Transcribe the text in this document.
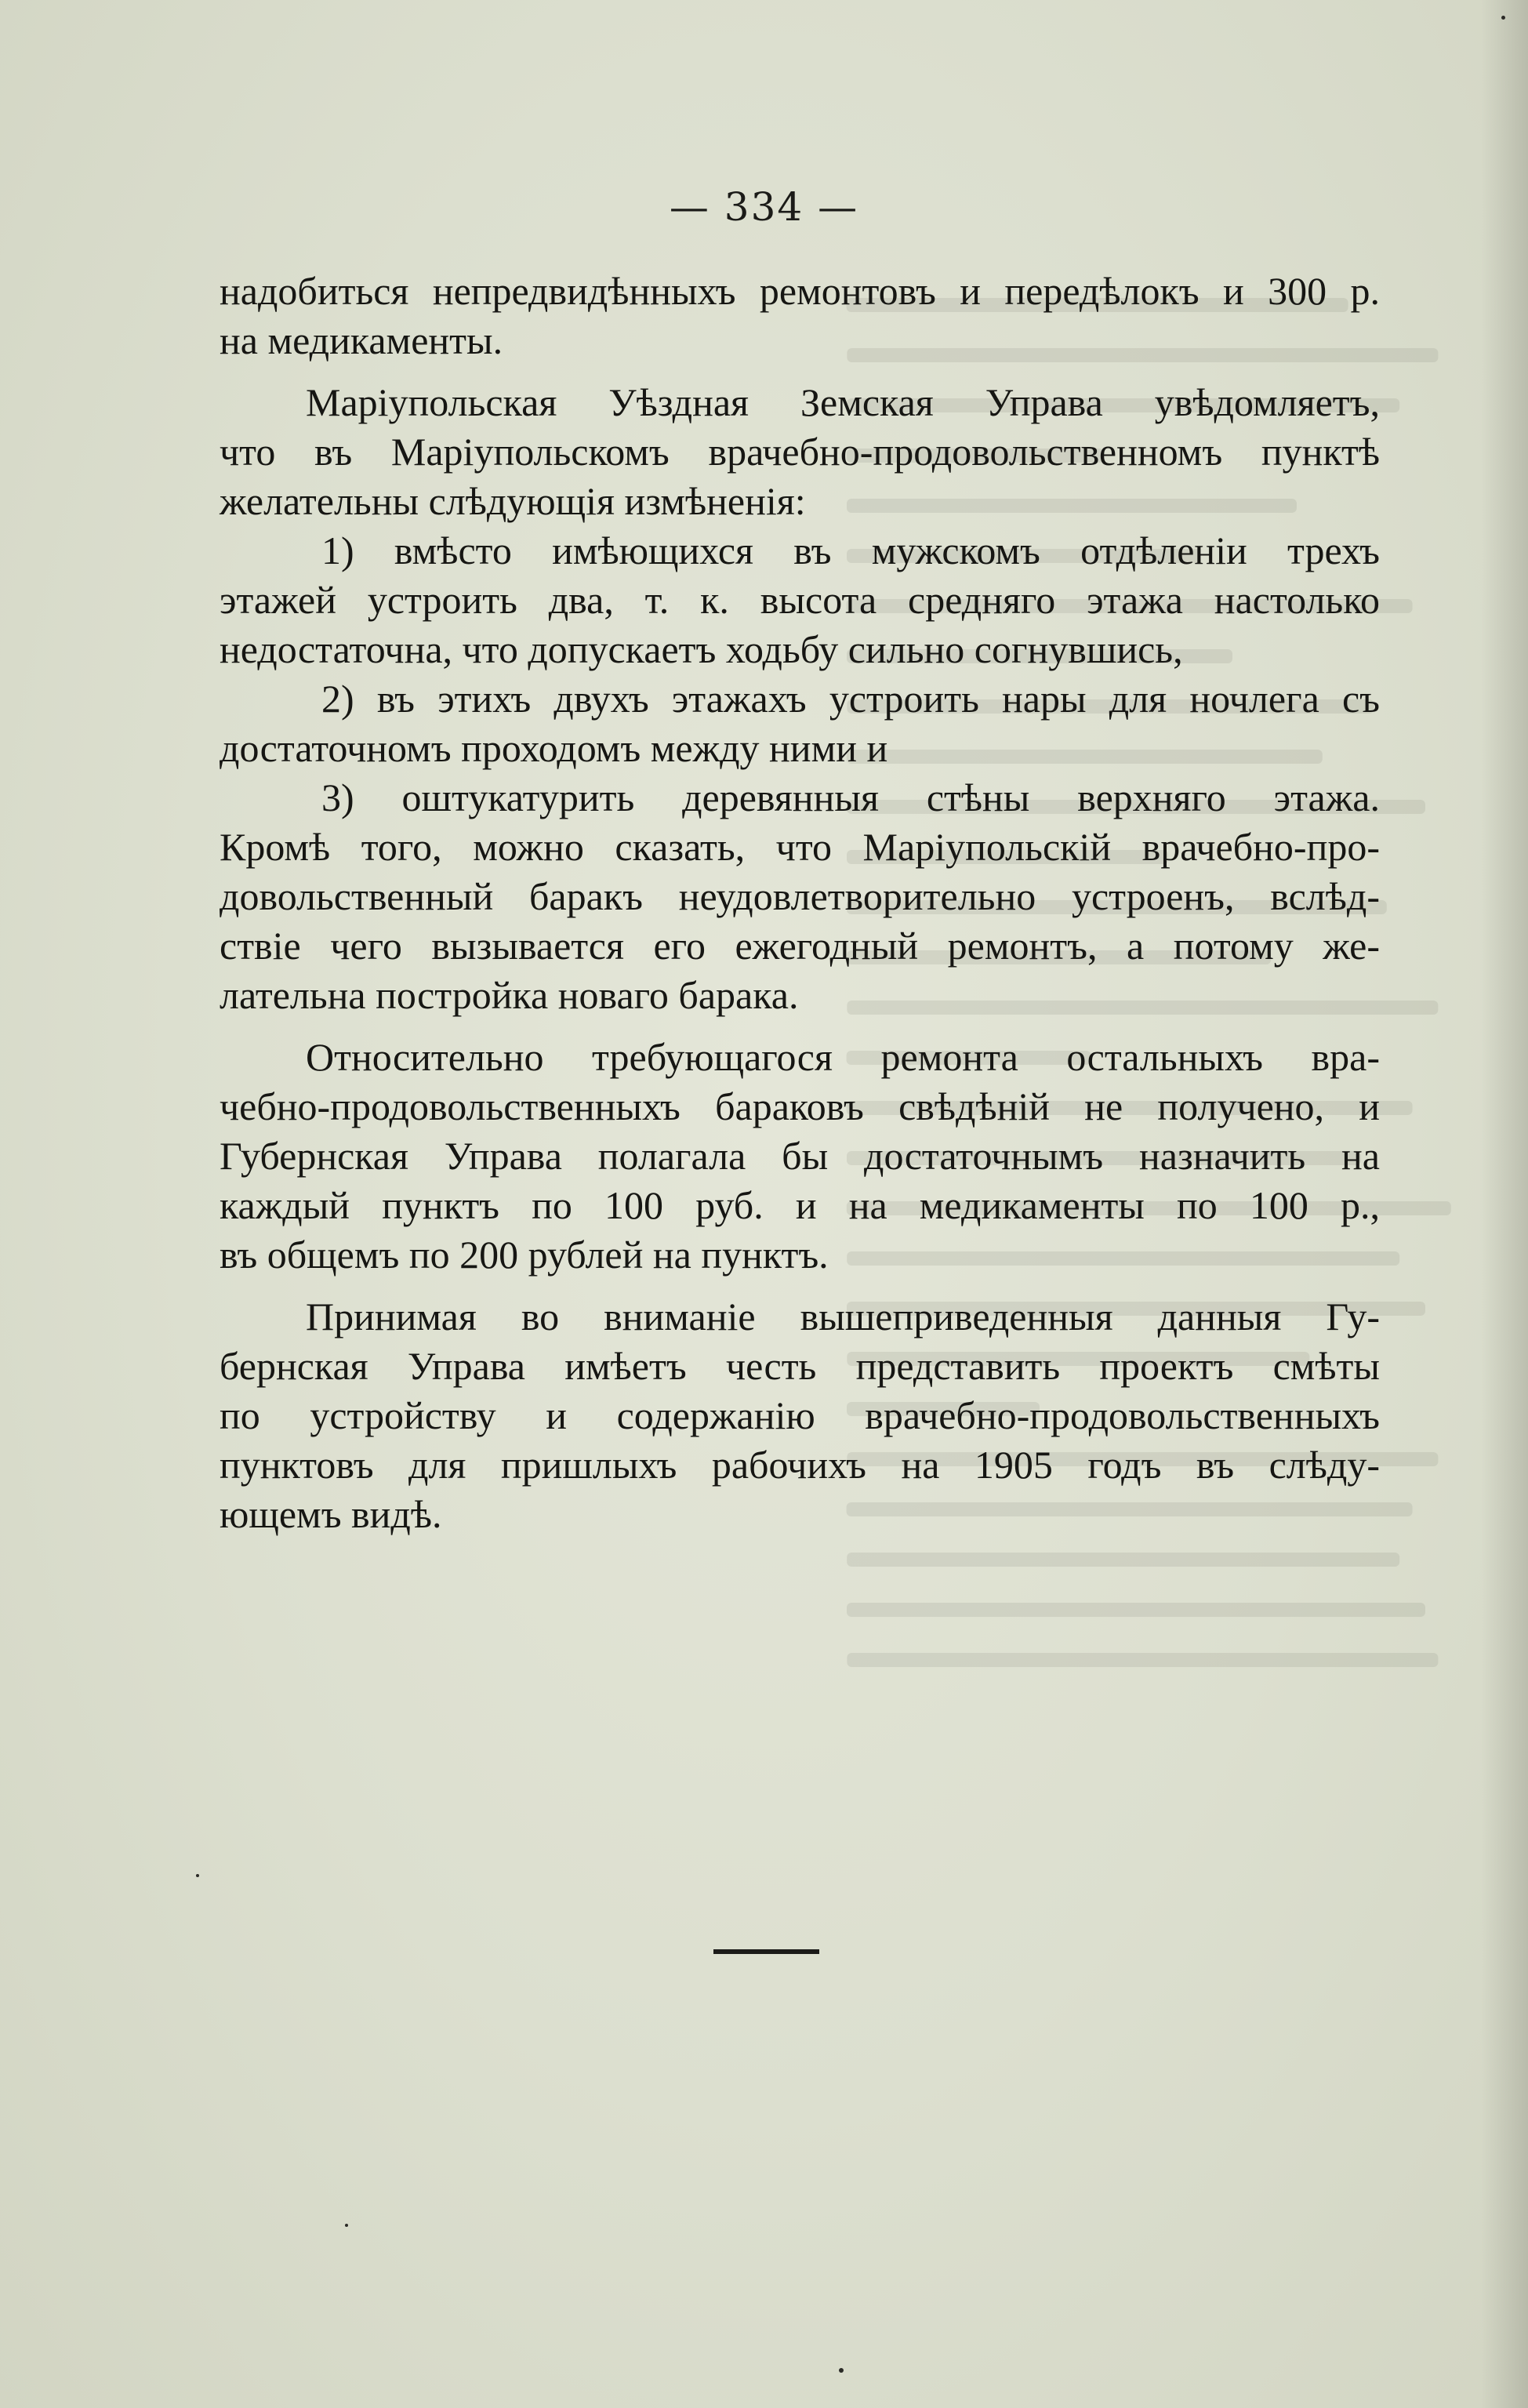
— 334 —
надобиться непредвидѣнныхъ ремонтовъ и передѣлокъ и 300 р.
на медикаменты.
Маріупольская Уѣздная Земская Управа увѣдомляетъ,
что въ Маріупольскомъ врачебно-продовольственномъ пунктѣ
желательны слѣдующія измѣненія:
1) вмѣсто имѣющихся въ мужскомъ отдѣленіи трехъ
этажей устроить два, т. к. высота средняго этажа настолько
недостаточна, что допускаетъ ходьбу сильно согнувшись,
2) въ этихъ двухъ этажахъ устроить нары для ночлега съ
достаточномъ проходомъ между ними и
3) оштукатурить деревянныя стѣны верхняго этажа.
Кромѣ того, можно сказать, что Маріупольскій врачебно-про-
довольственный баракъ неудовлетворительно устроенъ, вслѣд-
ствіе чего вызывается его ежегодный ремонтъ, а потому же-
лательна постройка новаго барака.
Относительно требующагося ремонта остальныхъ вра-
чебно-продовольственныхъ бараковъ свѣдѣній не получено, и
Губернская Управа полагала бы достаточнымъ назначить на
каждый пунктъ по 100 руб. и на медикаменты по 100 р.,
въ общемъ по 200 рублей на пунктъ.
Принимая во вниманіе вышеприведенныя данныя Гу-
бернская Управа имѣетъ честь представить проектъ смѣты
по устройству и содержанію врачебно-продовольственныхъ
пунктовъ для пришлыхъ рабочихъ на 1905 годъ въ слѣду-
ющемъ видѣ.
